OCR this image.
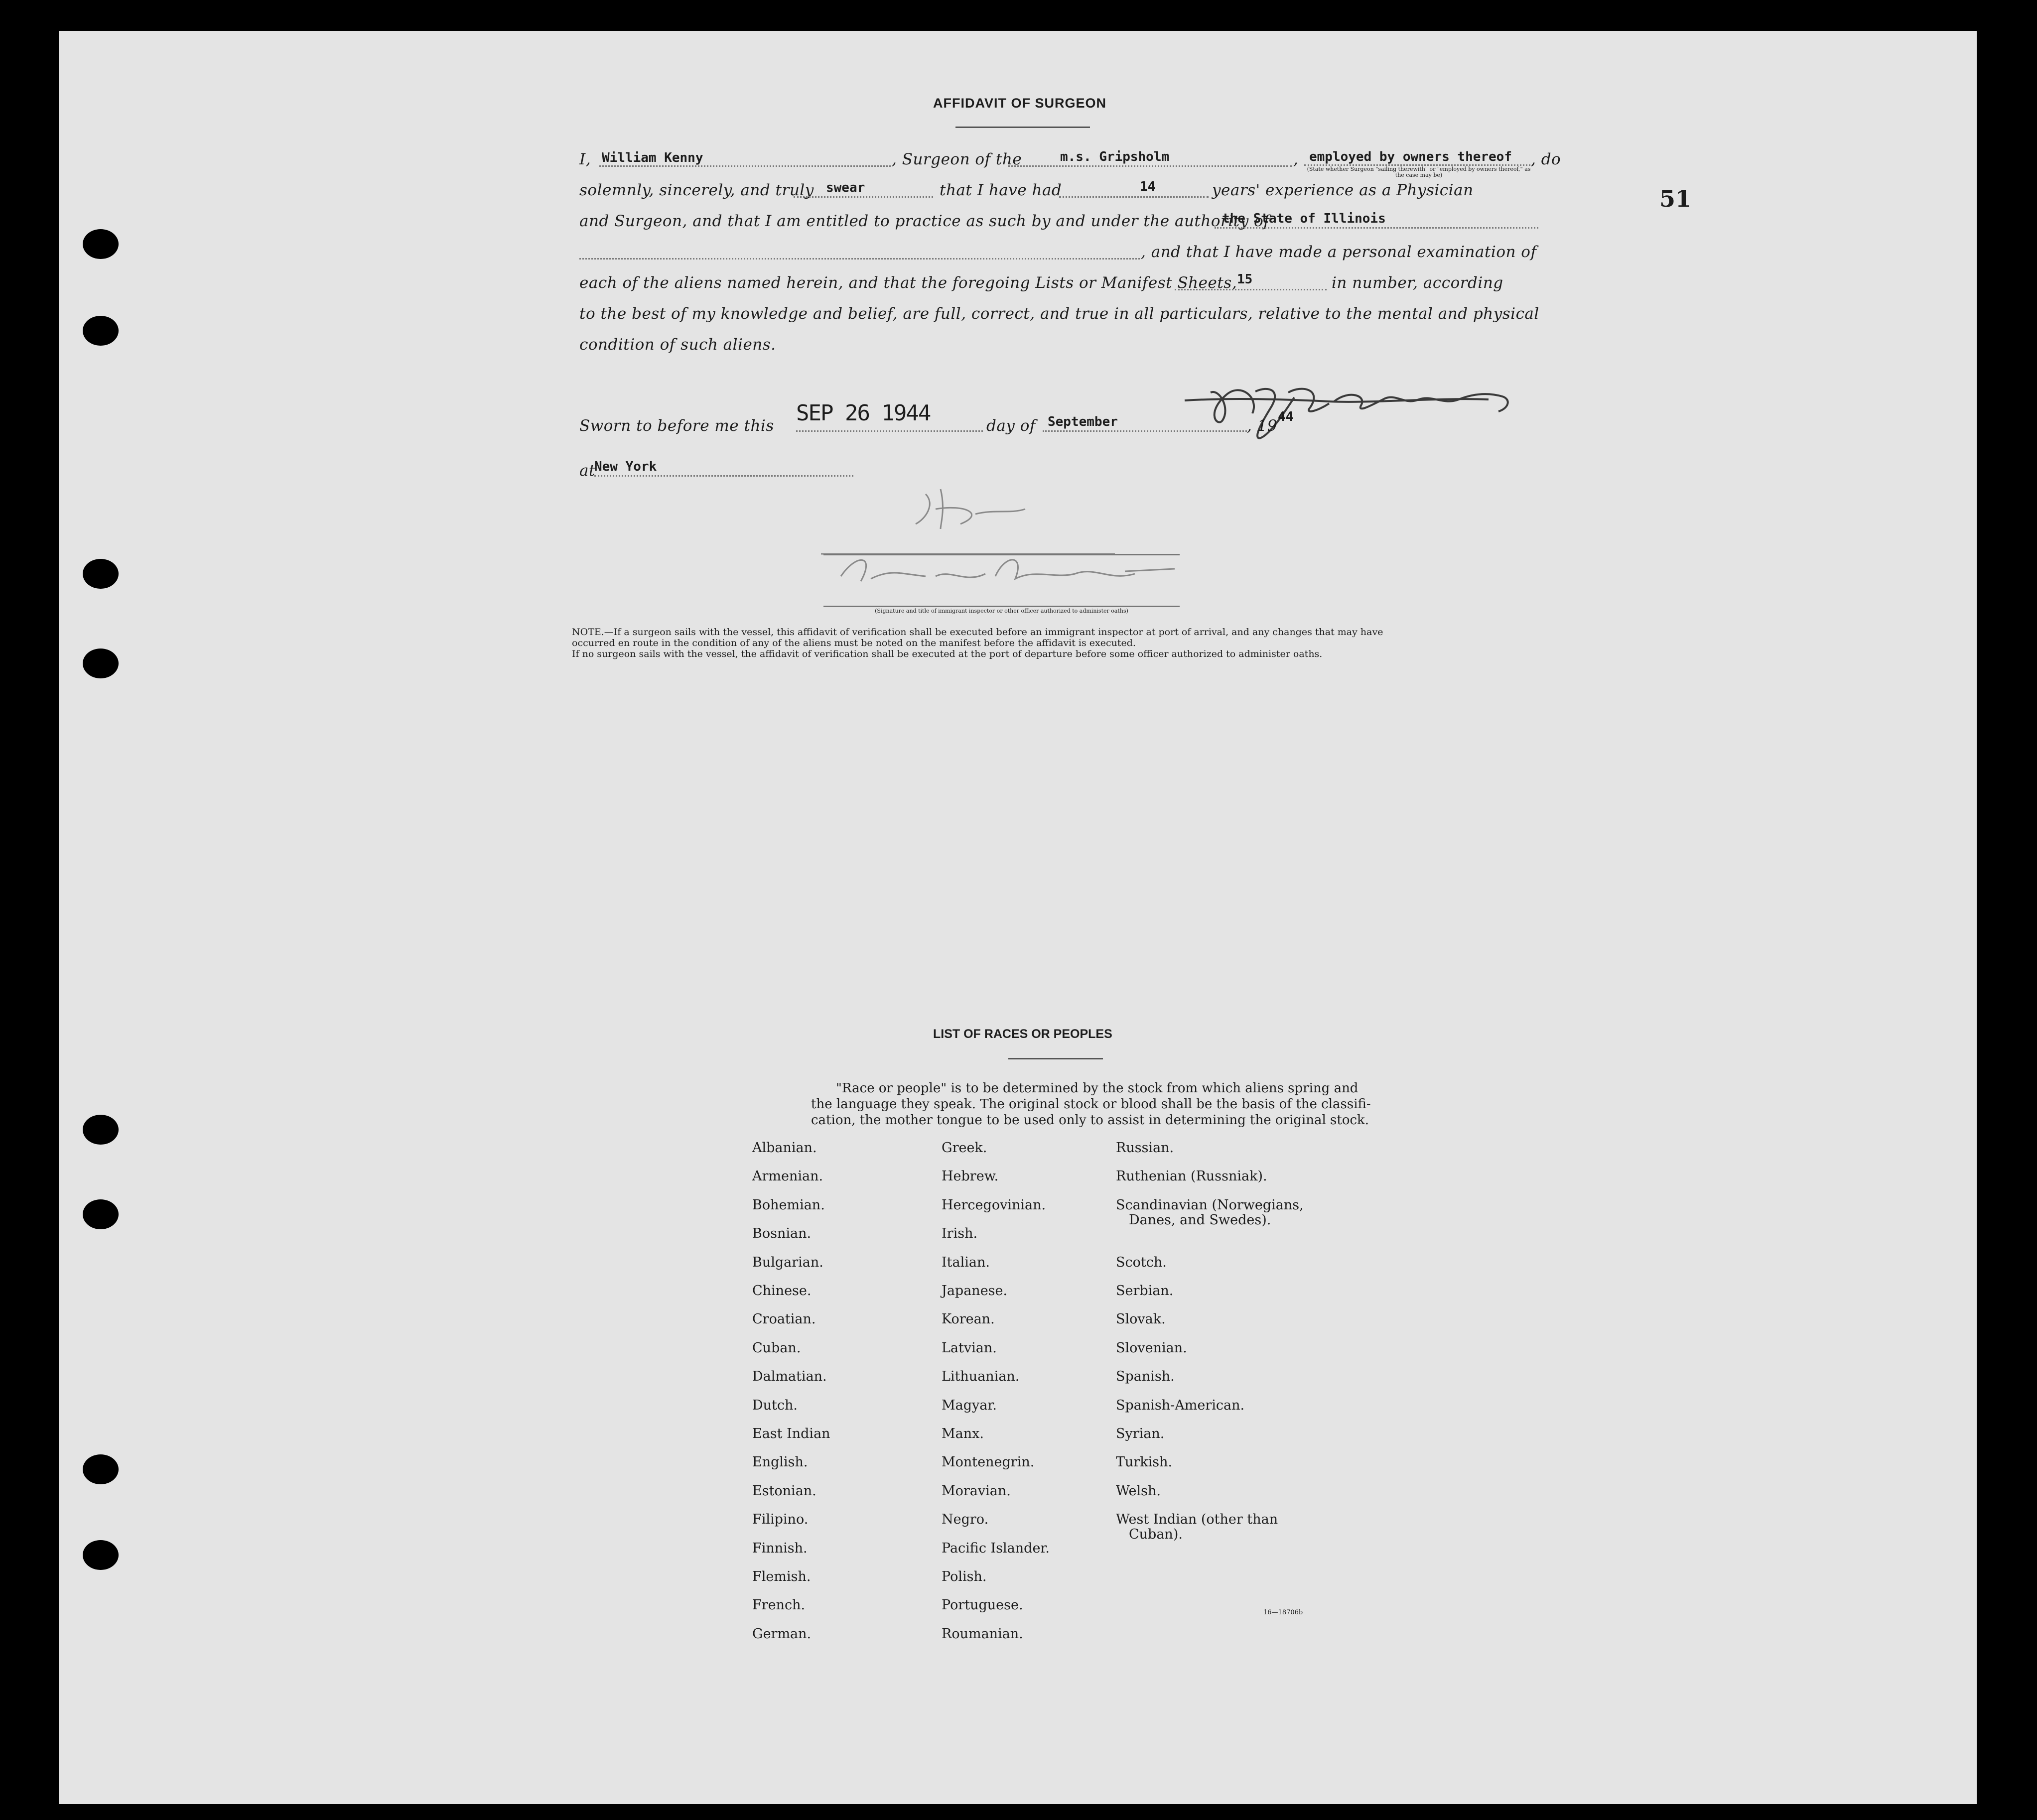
51
AFFIDAVIT OF SURGEON
I, William Kenny	, Surgeon of the	m.s. Gripsholm	, employed by owners thereof
(State whether Surgeon "sailing therewith" or "employed by owners thereof," as the case may be)
, do
solemnly, sincerely, and truly swear	that I have had	14	years' experience as a Physician
and Surgeon, and that I am entitled to practice as such by and under the authority of
the State of Illinois
, and that I have made a personal examination of
each of the aliens named herein, and that the foregoing Lists or Manifest Sheets, 15	in number, according
to the best of my knowledge and belief, are full, correct, and true in all particulars, relative to the mental and physical
condition of such aliens.
Sworn to before me this SEP 26 1944	day of September	, 19 44
at
New York
(Signature and title of immigrant inspector or other officer authorized to administer oaths)
NOTE.—If a surgeon sails with the vessel, this affidavit of verification shall be executed before an immigrant inspector at port of arrival, and any changes that may have
occurred en route in the condition of any of the aliens must be noted on the manifest before the affidavit is executed.
If no surgeon sails with the vessel, the affidavit of verification shall be executed at the port of departure before some officer authorized to administer oaths.
LIST OF RACES OR PEOPLES
"Race or people" is to be determined by the stock from which aliens spring and
the language they speak. The original stock or blood shall be the basis of the classifi-
cation, the mother tongue to be used only to assist in determining the original stock.
Albanian.
Armenian.
Bohemian.
Bosnian.
Bulgarian.
Chinese.
Croatian.
Cuban.
Dalmatian.
Dutch.
East Indian
English.
Estonian.
Filipino.
Finnish.
Flemish.
French.
German.
Greek.
Hebrew.
Hercegovinian.
Irish.
Italian.
Japanese.
Korean.
Latvian.
Lithuanian.
Magyar.
Manx.
Montenegrin.
Moravian.
Negro.
Pacific Islander.
Polish.
Portuguese.
Roumanian.
Russian.
Ruthenian (Russniak).
Scandinavian (Norwegians,
Danes, and Swedes).
Scotch.
Serbian.
Slovak.
Slovenian.
Spanish.
Spanish-American.
Syrian.
Turkish.
Welsh.
West Indian (other than
Cuban).
16—18706b
